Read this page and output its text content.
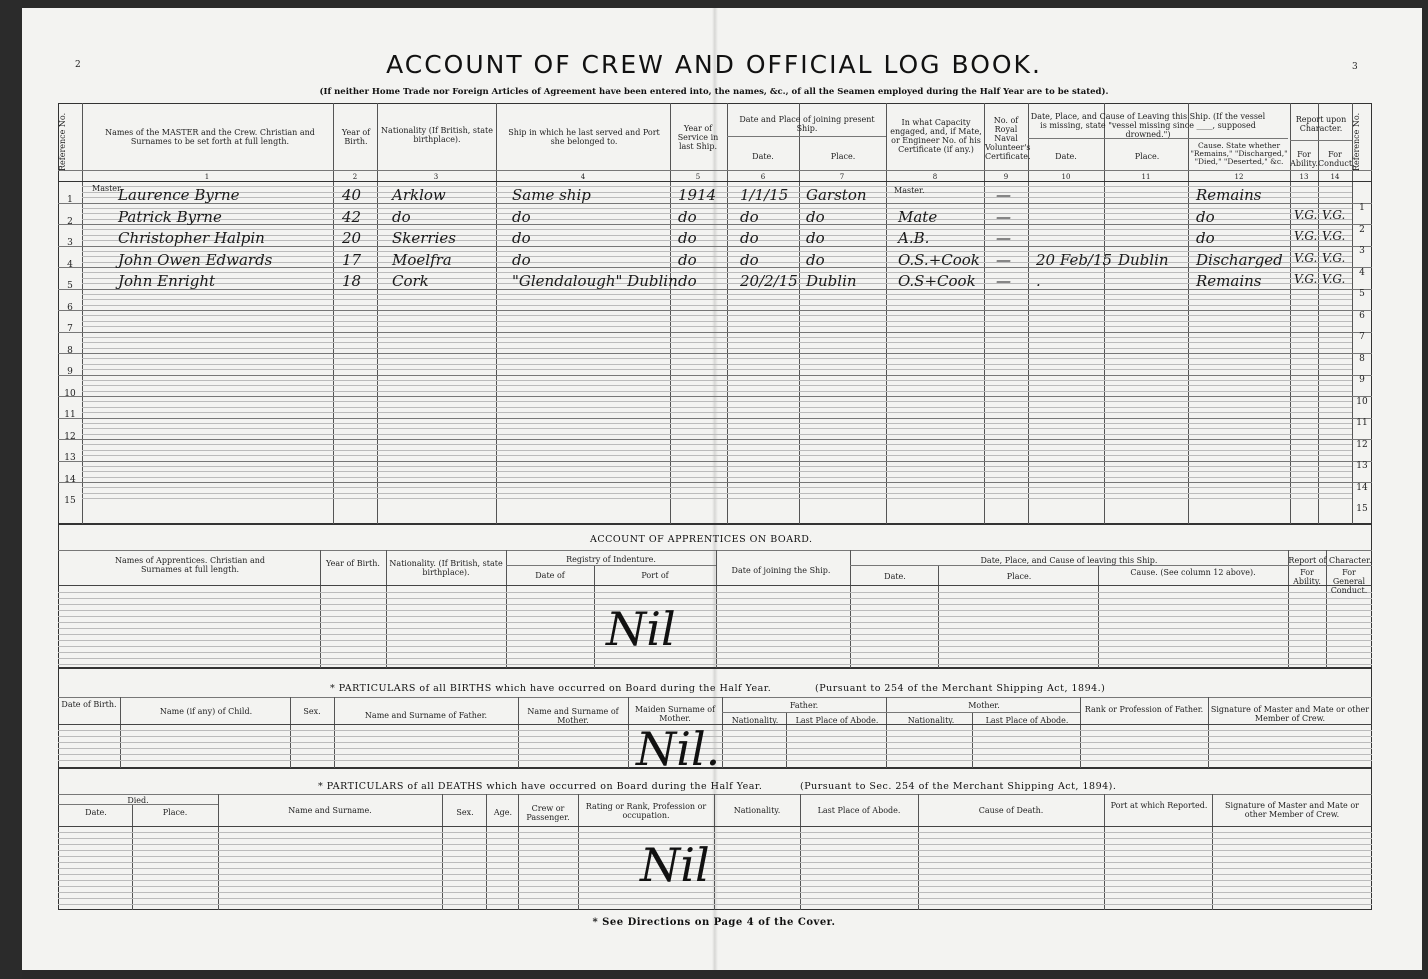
2	3
ACCOUNT OF CREW AND OFFICIAL LOG BOOK.
(If neither Home Trade nor Foreign Articles of Agreement have been entered into, the names, &c., of all the Seamen employed during the Half Year are to be stated).
Reference No.	Reference No.
Names of the MASTER and the Crew. Christian and Surnames to be set forth at full length.
Year of Birth.
Nationality (If British, state birthplace).
Ship in which he last served and Port she belonged to.
Year of Service in last Ship.
Date and Place of joining present Ship.
Date.	Place.
In what Capacity engaged, and, if Mate, or Engineer No. of his Certificate (if any.)
No. of Royal Naval Volunteer's Certificate.
Date, Place, and Cause of Leaving this Ship. (If the vessel is missing, state "vessel missing since ____, supposed drowned.")
Date.	Place.
Cause. State whether "Remains," "Discharged," "Died," "Deserted," &c.
Report upon Character.
For Ability.
For Conduct.
1	2	3	4	5	6	7	8	9	10	11	12	13	14
Master.	Master.
Laurence Byrne	40 Arklow	Same ship	1914 1/1/15 Garston	—	Remains
Patrick Byrne	42 do	do	do	do	do	Mate	—	do	V.G. V.G.
Christopher Halpin	20 Skerries	do	do	do	do	A.B.	—	do	V.G. V.G.
John Owen Edwards	17 Moelfra	do	do	do	do	O.S.+Cook — 20 Feb/15 Dublin Discharged V.G. V.G.
John Enright	18 Cork	"Glendalough" Dublin do	20/2/15 Dublin	O.S+Cook — .	Remains	V.G. V.G.
1
1
2
2
3
3
4
4
5
5
6
6
7
7
8
8
9
9
10
10
11
11
12
12
13
13
14
14
15
15
ACCOUNT OF APPRENTICES ON BOARD.
Names of Apprentices. Christian and Surnames at full length.
Year of Birth.	Nationality. (If British, state birthplace).
Registry of Indenture.
Date of	Port of
Date of joining the Ship.
Date, Place, and Cause of leaving this Ship.
Date.	Place.	Cause. (See column 12 above).
Report of Character.
For Ability.
For General Conduct.
Nil
* PARTICULARS of all BIRTHS which have occurred on Board during the Half Year.	(Pursuant to 254 of the Merchant Shipping Act, 1894.)
Date of Birth.
Name (if any) of Child.	Sex.	Name and Surname of Father.	Name and Surname of Mother.
Maiden Surname of Mother.
Father.
Nationality.	Last Place of Abode.
Mother.
Nationality.	Last Place of Abode.
Rank or Profession of Father. Signature of Master and Mate or other Member of Crew.
Nil.
* PARTICULARS of all DEATHS which have occurred on Board during the Half Year.	(Pursuant to Sec. 254 of the Merchant Shipping Act, 1894).
Died.
Date.	Place.	Name and Surname.	Sex.	Age.	Crew or Passenger.
Rating or Rank, Profession or occupation.
Nationality.	Last Place of Abode.	Cause of Death.
Port at which Reported.	Signature of Master and Mate or other Member of Crew.
Nil
* See Directions on Page 4 of the Cover.
